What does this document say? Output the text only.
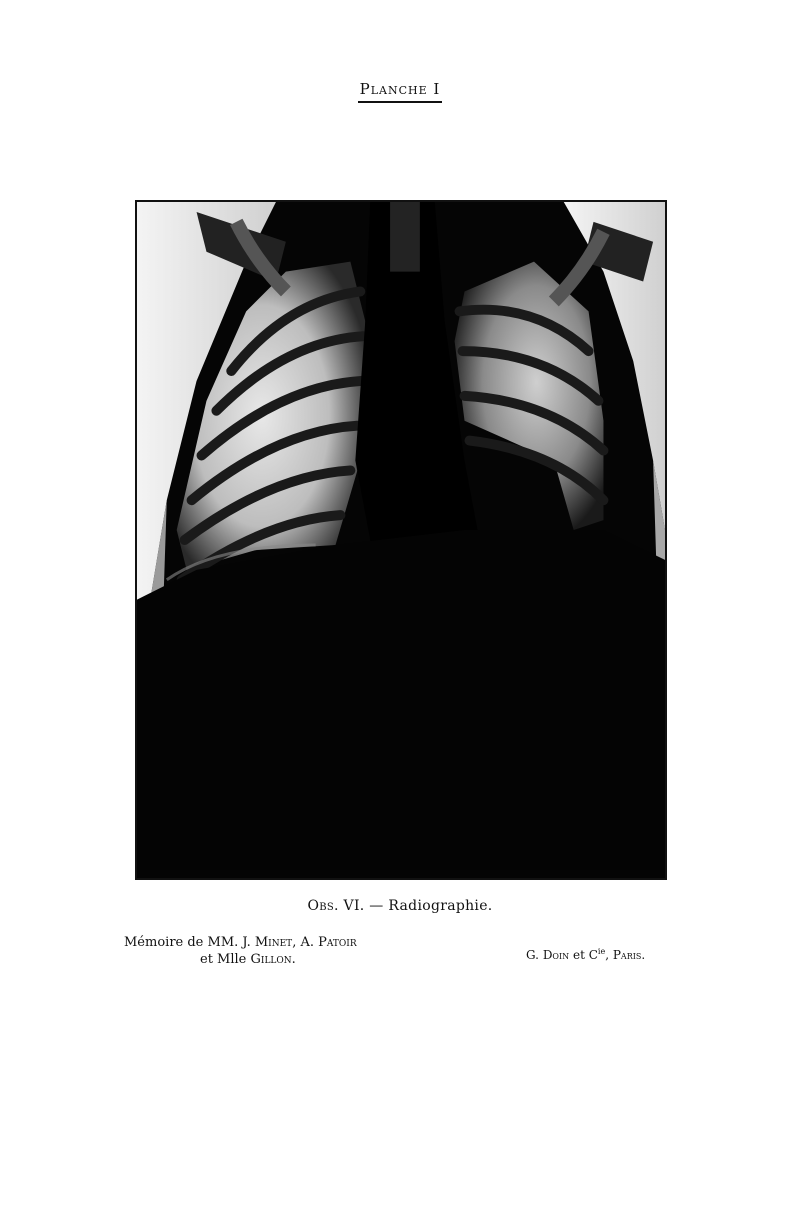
Planche I
Obs. VI. — Radiographie.
Mémoire de MM. J. Minet, A. Patoir
et Mlle Gillon.	G. Doin et $C^{ie}$, Paris.
